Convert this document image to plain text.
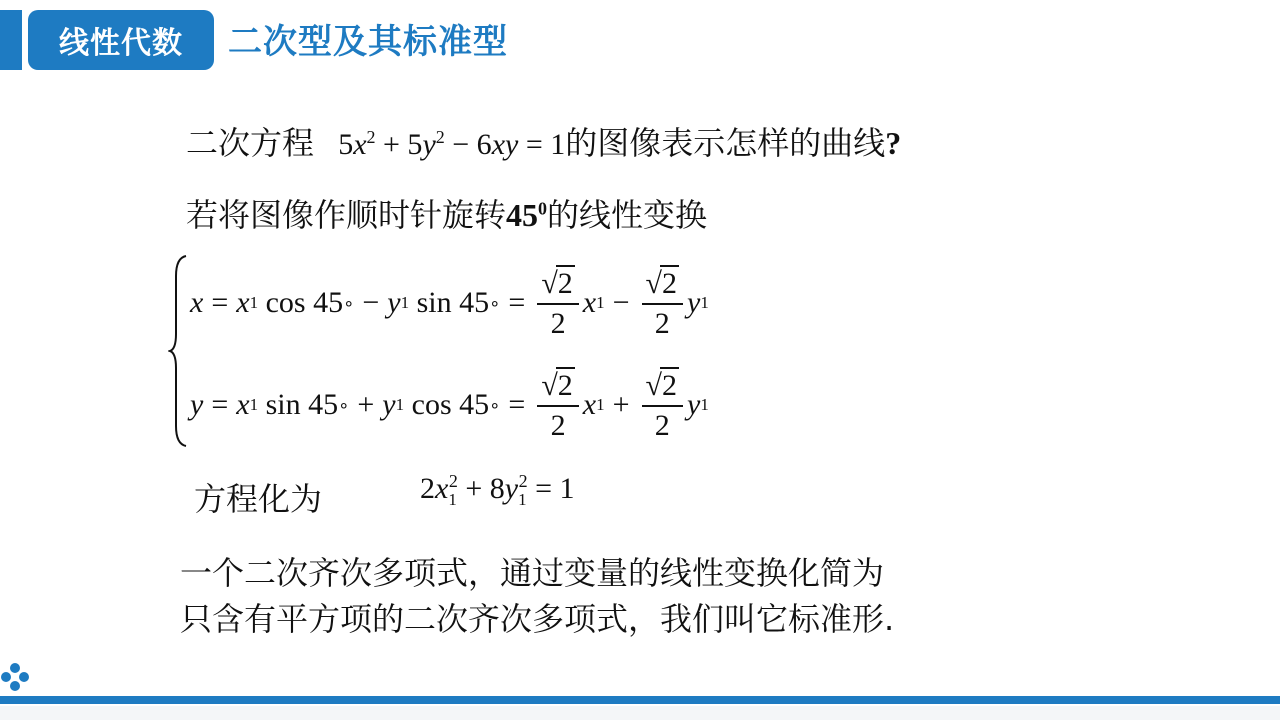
线性代数	二次型及其标准型
二次方程 $5x^2 + 5y^2 - 6xy = 1$的图像表示怎样的曲线?
若将图像作顺时针旋转$45^0$的线性变换
x = x 1 cos 45 ∘ − y 1 sin 45 ∘ = $\frac{√ 2}{2}$ x $1 - \frac{√ 2}{2}$ y 1
y = x 1 sin 45 ∘ + y 1 cos 45 ∘ = $\frac{√ 2}{2}$ x $1 + \frac{√ 2}{2}$ y 1
方程化为	$2x_1^2 + 8y_1^2 = 1$
一个二次齐次多项式，通过变量的线性变换化简为
只含有平方项的二次齐次多项式，我们叫它标准形.
